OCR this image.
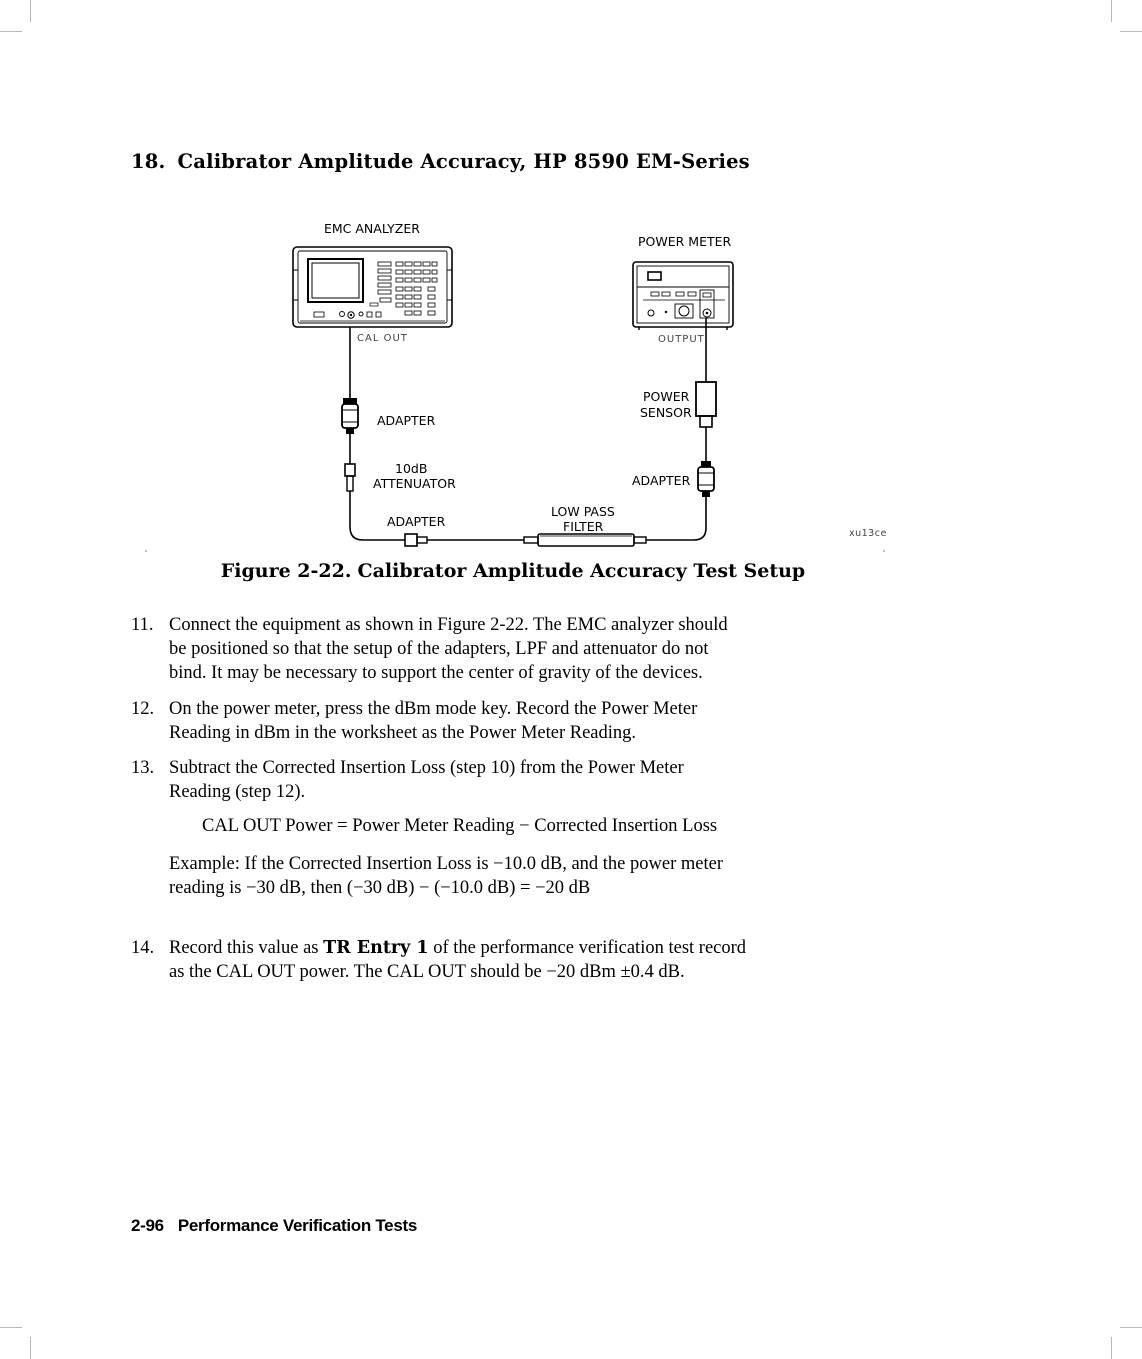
18. Calibrator Amplitude Accuracy, HP 8590 EM-Series
EMC ANALYZER
CAL OUT
POWER METER
OUTPUT
ADAPTER
10dB
ATTENUATOR
ADAPTER
LOW PASS
FILTER
POWER
SENSOR
ADAPTER
xu13ce
Figure 2-22. Calibrator Amplitude Accuracy Test Setup
11. Connect the equipment as shown in Figure 2-22. The EMC analyzer should

be positioned so that the setup of the adapters, LPF and attenuator do not

bind. It may be necessary to support the center of gravity of the devices.

12. On the power meter, press the dBm mode key. Record the Power Meter

Reading in dBm in the worksheet as the Power Meter Reading.

13. Subtract the Corrected Insertion Loss (step 10) from the Power Meter

Reading (step 12).

CAL OUT Power = Power Meter Reading − Corrected Insertion Loss

Example: If the Corrected Insertion Loss is −10.0 dB, and the power meter

reading is −30 dB, then (−30 dB) − (−10.0 dB) = −20 dB

14. Record this value as TR Entry 1 of the performance verification test record

as the CAL OUT power. The CAL OUT should be −20 dBm ±0.4 dB.

2-96 Performance Verification Tests
